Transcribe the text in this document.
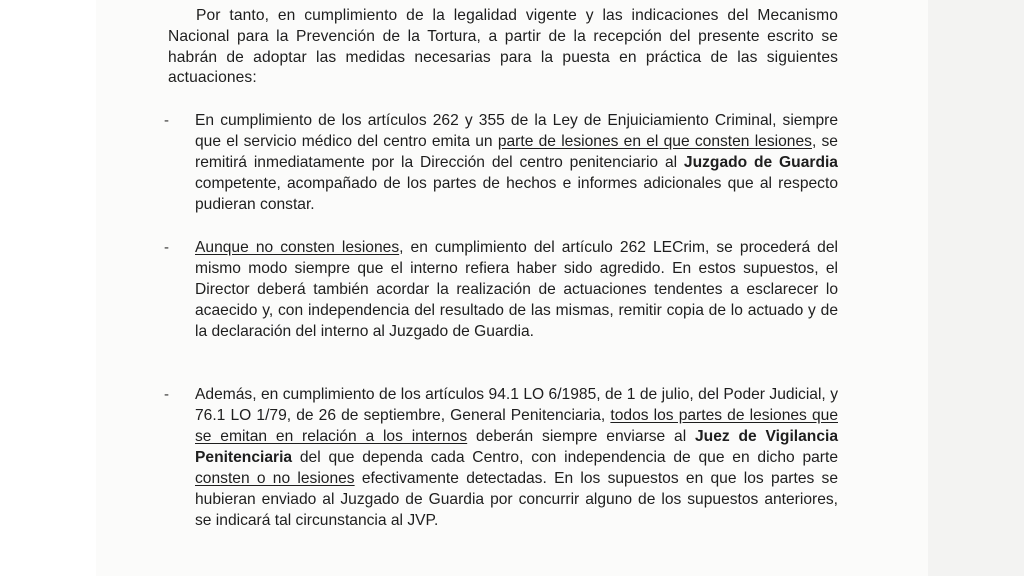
Por tanto, en cumplimiento de la legalidad vigente y las indicaciones del Mecanismo Nacional para la Prevención de la Tortura, a partir de la recepción del presente escrito se habrán de adoptar las medidas necesarias para la puesta en práctica de las siguientes actuaciones:

-	En cumplimiento de los artículos 262 y 355 de la Ley de Enjuiciamiento Criminal, siempre que el servicio médico del centro emita un parte de lesiones en el que consten lesiones, se remitirá inmediatamente por la Dirección del centro penitenciario al Juzgado de Guardia competente, acompañado de los partes de hechos e informes adicionales que al respecto pudieran constar.

-	Aunque no consten lesiones, en cumplimiento del artículo 262 LECrim, se procederá del mismo modo siempre que el interno refiera haber sido agredido. En estos supuestos, el Director deberá también acordar la realización de actuaciones tendentes a esclarecer lo acaecido y, con independencia del resultado de las mismas, remitir copia de lo actuado y de la declaración del interno al Juzgado de Guardia.

-	Además, en cumplimiento de los artículos 94.1 LO 6/1985, de 1 de julio, del Poder Judicial, y 76.1 LO 1/79, de 26 de septiembre, General Penitenciaria, todos los partes de lesiones que se emitan en relación a los internos deberán siempre enviarse al Juez de Vigilancia Penitenciaria del que dependa cada Centro, con independencia de que en dicho parte consten o no lesiones efectivamente detectadas. En los supuestos en que los partes se hubieran enviado al Juzgado de Guardia por concurrir alguno de los supuestos anteriores, se indicará tal circunstancia al JVP.
